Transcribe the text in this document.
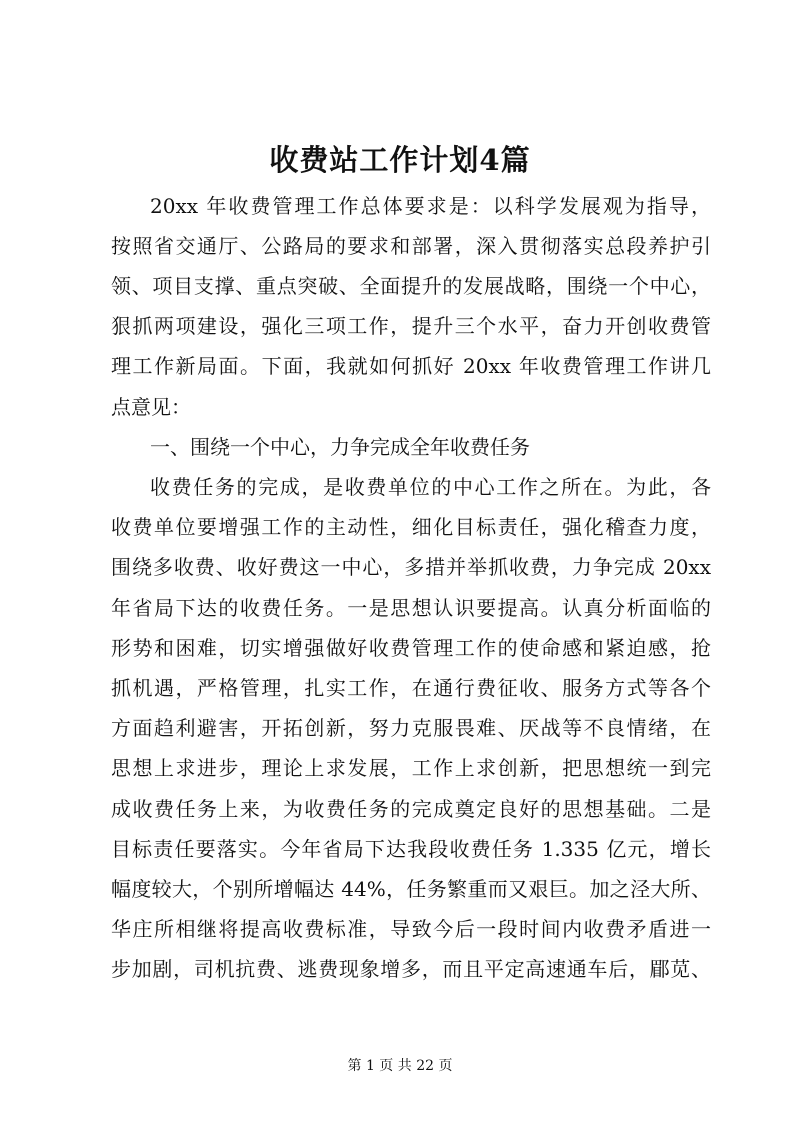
收费站工作计划4篇

20xx 年收费管理工作总体要求是：以科学发展观为指导，

按照省交通厅、公路局的要求和部署，深入贯彻落实总段养护引

领、项目支撑、重点突破、全面提升的发展战略，围绕一个中心，

狠抓两项建设，强化三项工作，提升三个水平，奋力开创收费管

理工作新局面。下面，我就如何抓好 20xx 年收费管理工作讲几

点意见：

一、围绕一个中心，力争完成全年收费任务

收费任务的完成，是收费单位的中心工作之所在。为此，各

收费单位要增强工作的主动性，细化目标责任，强化稽查力度，

围绕多收费、收好费这一中心，多措并举抓收费，力争完成 20xx

年省局下达的收费任务。一是思想认识要提高。认真分析面临的

形势和困难，切实增强做好收费管理工作的使命感和紧迫感，抢

抓机遇，严格管理，扎实工作，在通行费征收、服务方式等各个

方面趋利避害，开拓创新，努力克服畏难、厌战等不良情绪，在

思想上求进步，理论上求发展，工作上求创新，把思想统一到完

成收费任务上来，为收费任务的完成奠定良好的思想基础。二是

目标责任要落实。今年省局下达我段收费任务 1.335 亿元，增长

幅度较大，个别所增幅达 44%，任务繁重而又艰巨。加之泾大所、

华庄所相继将提高收费标准，导致今后一段时间内收费矛盾进一

步加剧，司机抗费、逃费现象增多，而且平定高速通车后，郿苋、

第 1 页 共 22 页
